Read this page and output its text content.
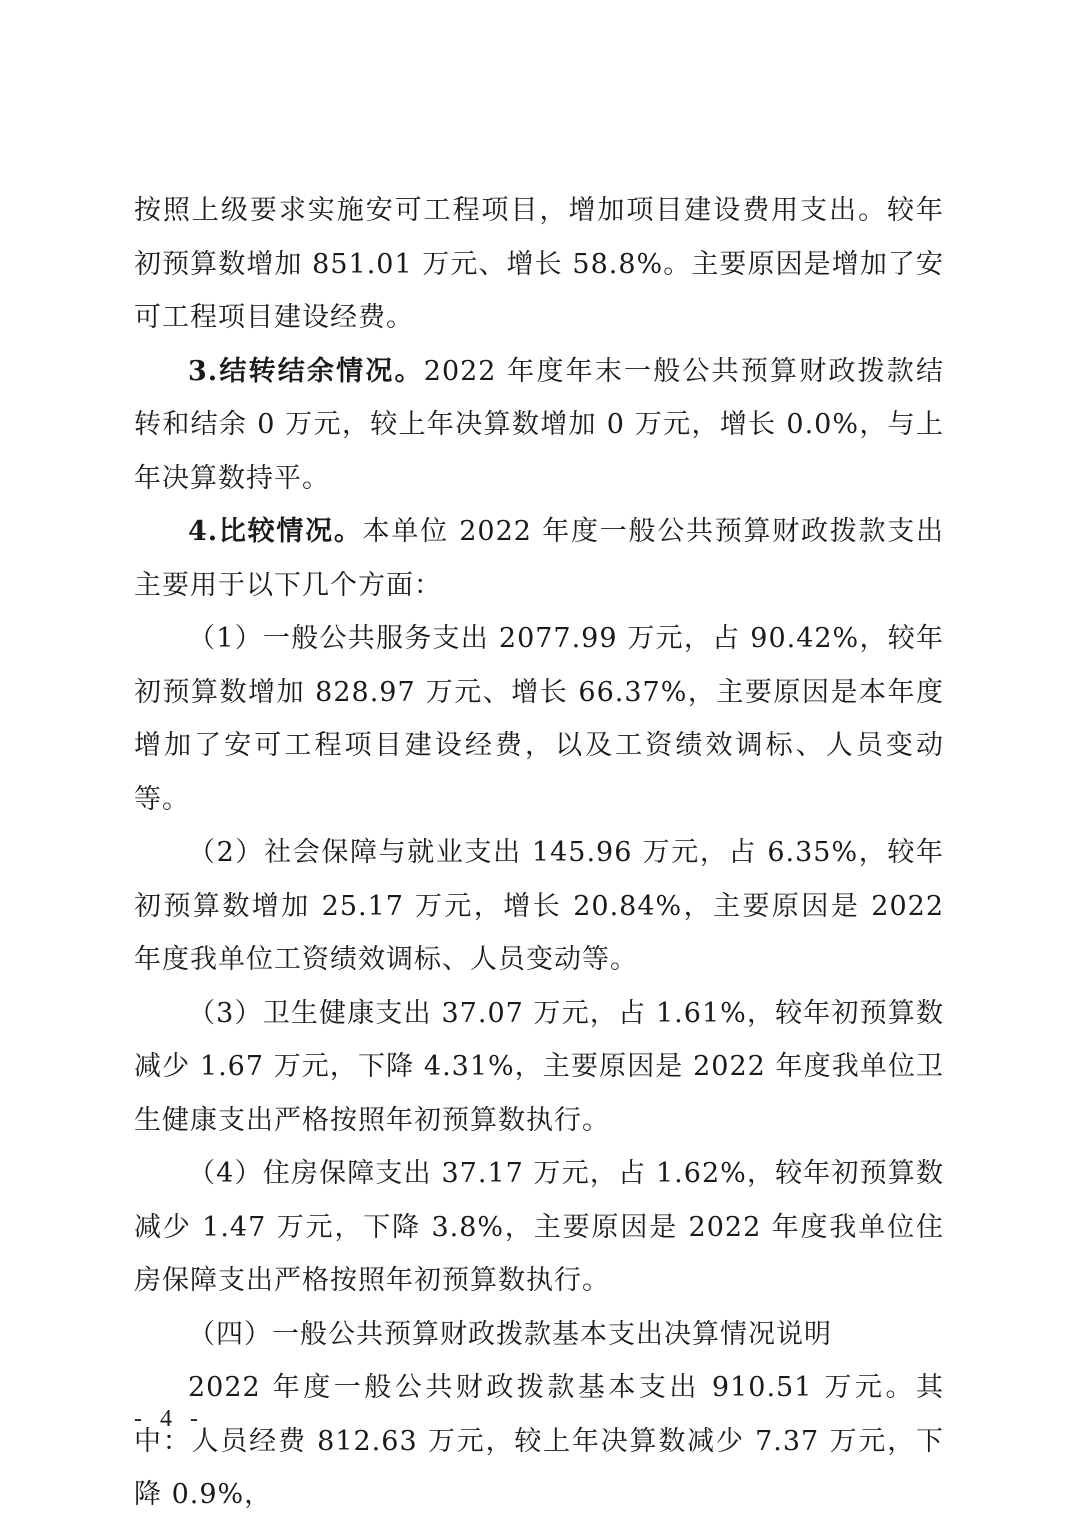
按照上级要求实施安可工程项目，增加项目建设费用支出。较年初预算数增加 851.01 万元、增长 58.8%。主要原因是增加了安可工程项目建设经费。

3.结转结余情况。2022 年度年末一般公共预算财政拨款结转和结余 0 万元，较上年决算数增加 0 万元，增长 0.0%，与上年决算数持平。

4.比较情况。本单位 2022 年度一般公共预算财政拨款支出主要用于以下几个方面：

（1）一般公共服务支出 2077.99 万元，占 90.42%，较年初预算数增加 828.97 万元、增长 66.37%，主要原因是本年度增加了安可工程项目建设经费，以及工资绩效调标、人员变动等。

（2）社会保障与就业支出 145.96 万元，占 6.35%，较年初预算数增加 25.17 万元，增长 20.84%，主要原因是 2022 年度我单位工资绩效调标、人员变动等。

（3）卫生健康支出 37.07 万元，占 1.61%，较年初预算数减少 1.67 万元，下降 4.31%，主要原因是 2022 年度我单位卫生健康支出严格按照年初预算数执行。

（4）住房保障支出 37.17 万元，占 1.62%，较年初预算数减少 1.47 万元，下降 3.8%，主要原因是 2022 年度我单位住房保障支出严格按照年初预算数执行。

（四）一般公共预算财政拨款基本支出决算情况说明

2022 年度一般公共财政拨款基本支出 910.51 万元。其中：人员经费 812.63 万元，较上年决算数减少 7.37 万元，下降 0.9%，

- 4 -
